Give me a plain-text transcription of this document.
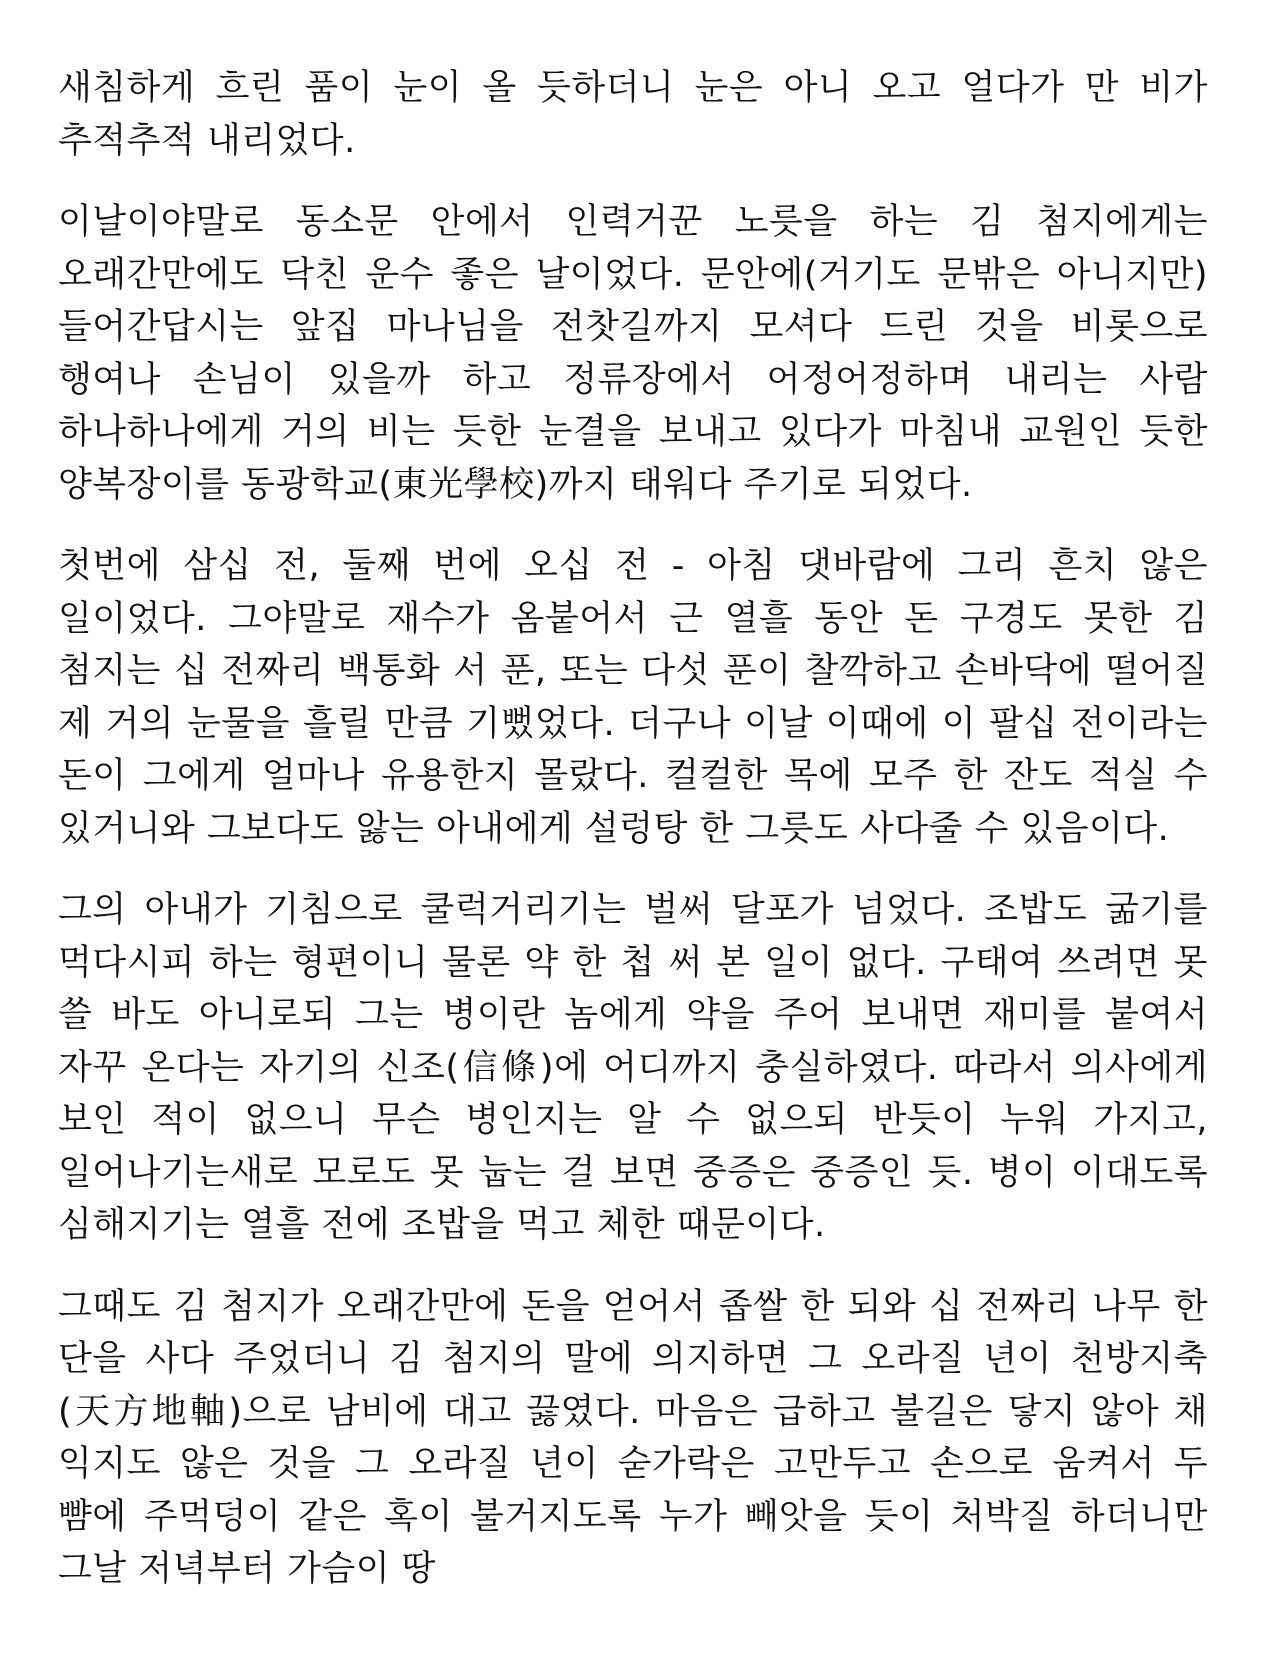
새침하게 흐린 품이 눈이 올 듯하더니 눈은 아니 오고 얼다가 만 비가 추적추적 내리었다.

이날이야말로 동소문 안에서 인력거꾼 노릇을 하는 김 첨지에게는 오래간만에도 닥친 운수 좋은 날이었다. 문안에(거기도 문밖은 아니지만) 들어간답시는 앞집 마나님을 전찻길까지 모셔다 드린 것을 비롯으로 행여나 손님이 있을까 하고 정류장에서 어정어정하며 내리는 사람 하나하나에게 거의 비는 듯한 눈결을 보내고 있다가 마침내 교원인 듯한 양복장이를 동광학교(東光學校)까지 태워다 주기로 되었다.

첫번에 삼십 전, 둘째 번에 오십 전 - 아침 댓바람에 그리 흔치 않은 일이었다. 그야말로 재수가 옴붙어서 근 열흘 동안 돈 구경도 못한 김 첨지는 십 전짜리 백통화 서 푼, 또는 다섯 푼이 찰깍하고 손바닥에 떨어질 제 거의 눈물을 흘릴 만큼 기뻤었다. 더구나 이날 이때에 이 팔십 전이라는 돈이 그에게 얼마나 유용한지 몰랐다. 컬컬한 목에 모주 한 잔도 적실 수 있거니와 그보다도 앓는 아내에게 설렁탕 한 그릇도 사다줄 수 있음이다.

그의 아내가 기침으로 쿨럭거리기는 벌써 달포가 넘었다. 조밥도 굶기를 먹다시피 하는 형편이니 물론 약 한 첩 써 본 일이 없다. 구태여 쓰려면 못 쓸 바도 아니로되 그는 병이란 놈에게 약을 주어 보내면 재미를 붙여서 자꾸 온다는 자기의 신조(信條)에 어디까지 충실하였다. 따라서 의사에게 보인 적이 없으니 무슨 병인지는 알 수 없으되 반듯이 누워 가지고, 일어나기는새로 모로도 못 눕는 걸 보면 중증은 중증인 듯. 병이 이대도록 심해지기는 열흘 전에 조밥을 먹고 체한 때문이다.

그때도 김 첨지가 오래간만에 돈을 얻어서 좁쌀 한 되와 십 전짜리 나무 한 단을 사다 주었더니 김 첨지의 말에 의지하면 그 오라질 년이 천방지축(天方地軸)으로 남비에 대고 끓였다. 마음은 급하고 불길은 닿지 않아 채 익지도 않은 것을 그 오라질 년이 숟가락은 고만두고 손으로 움켜서 두 뺨에 주먹덩이 같은 혹이 불거지도록 누가 빼앗을 듯이 처박질 하더니만 그날 저녁부터 가슴이 땅
